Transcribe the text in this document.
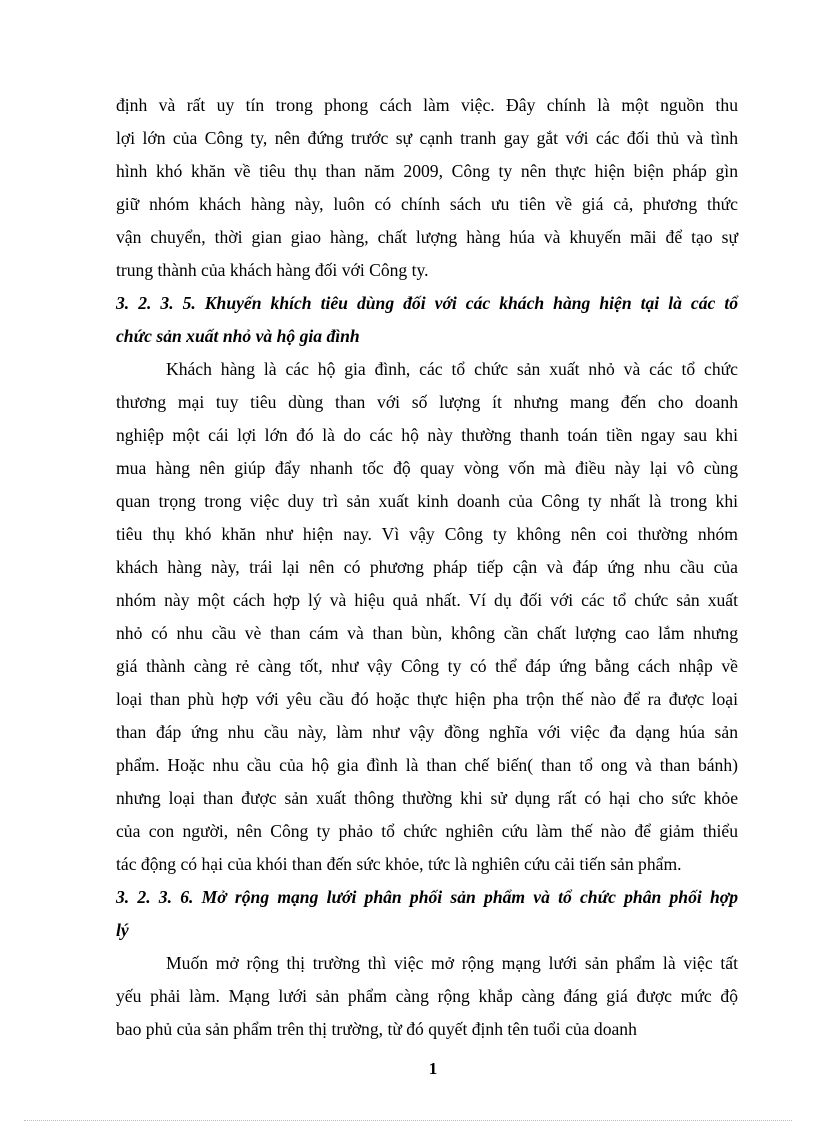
định và rất uy tín trong phong cách làm việc. Đây chính là một nguồn thu
lợi lớn của Công ty, nên đứng trước sự cạnh tranh gay gắt với các đối thủ và tình
hình khó khăn về tiêu thụ than năm 2009, Công ty nên thực hiện biện pháp gìn
giữ nhóm khách hàng này, luôn có chính sách ưu tiên về giá cả, phương thức
vận chuyển, thời gian giao hàng, chất lượng hàng húa và khuyến mãi để tạo sự
trung thành của khách hàng đối với Công ty.
3. 2. 3. 5. Khuyến khích tiêu dùng đối với các khách hàng hiện tại là các tổ
chức sản xuất nhỏ và hộ gia đình
Khách hàng là các hộ gia đình, các tổ chức sản xuất nhỏ và các tổ chức
thương mại tuy tiêu dùng than với số lượng ít nhưng mang đến cho doanh
nghiệp một cái lợi lớn đó là do các hộ này thường thanh toán tiền ngay sau khi
mua hàng nên giúp đẩy nhanh tốc độ quay vòng vốn mà điều này lại vô cùng
quan trọng trong việc duy trì sản xuất kinh doanh của Công ty nhất là trong khi
tiêu thụ khó khăn như hiện nay. Vì vậy Công ty không nên coi thường nhóm
khách hàng này, trái lại nên có phương pháp tiếp cận và đáp ứng nhu cầu của
nhóm này một cách hợp lý và hiệu quả nhất. Ví dụ đối với các tổ chức sản xuất
nhỏ có nhu cầu vè than cám và than bùn, không cần chất lượng cao lắm nhưng
giá thành càng rẻ càng tốt, như vậy Công ty có thể đáp ứng bằng cách nhập về
loại than phù hợp với yêu cầu đó hoặc thực hiện pha trộn thế nào để ra được loại
than đáp ứng nhu cầu này, làm như vậy đồng nghĩa với việc đa dạng húa sản
phẩm. Hoặc nhu cầu của hộ gia đình là than chế biến( than tổ ong và than bánh)
nhưng loại than được sản xuất thông thường khi sử dụng rất có hại cho sức khỏe
của con người, nên Công ty phảo tổ chức nghiên cứu làm thế nào để giảm thiểu
tác động có hại của khói than đến sức khỏe, tức là nghiên cứu cải tiến sản phẩm.
3. 2. 3. 6. Mở rộng mạng lưới phân phối sản phẩm và tổ chức phân phối hợp
lý
Muốn mở rộng thị trường thì việc mở rộng mạng lưới sản phẩm là việc tất
yếu phải làm. Mạng lưới sản phẩm càng rộng khắp càng đáng giá được mức độ
bao phủ của sản phẩm trên thị trường, từ đó quyết định tên tuổi của doanh
1
